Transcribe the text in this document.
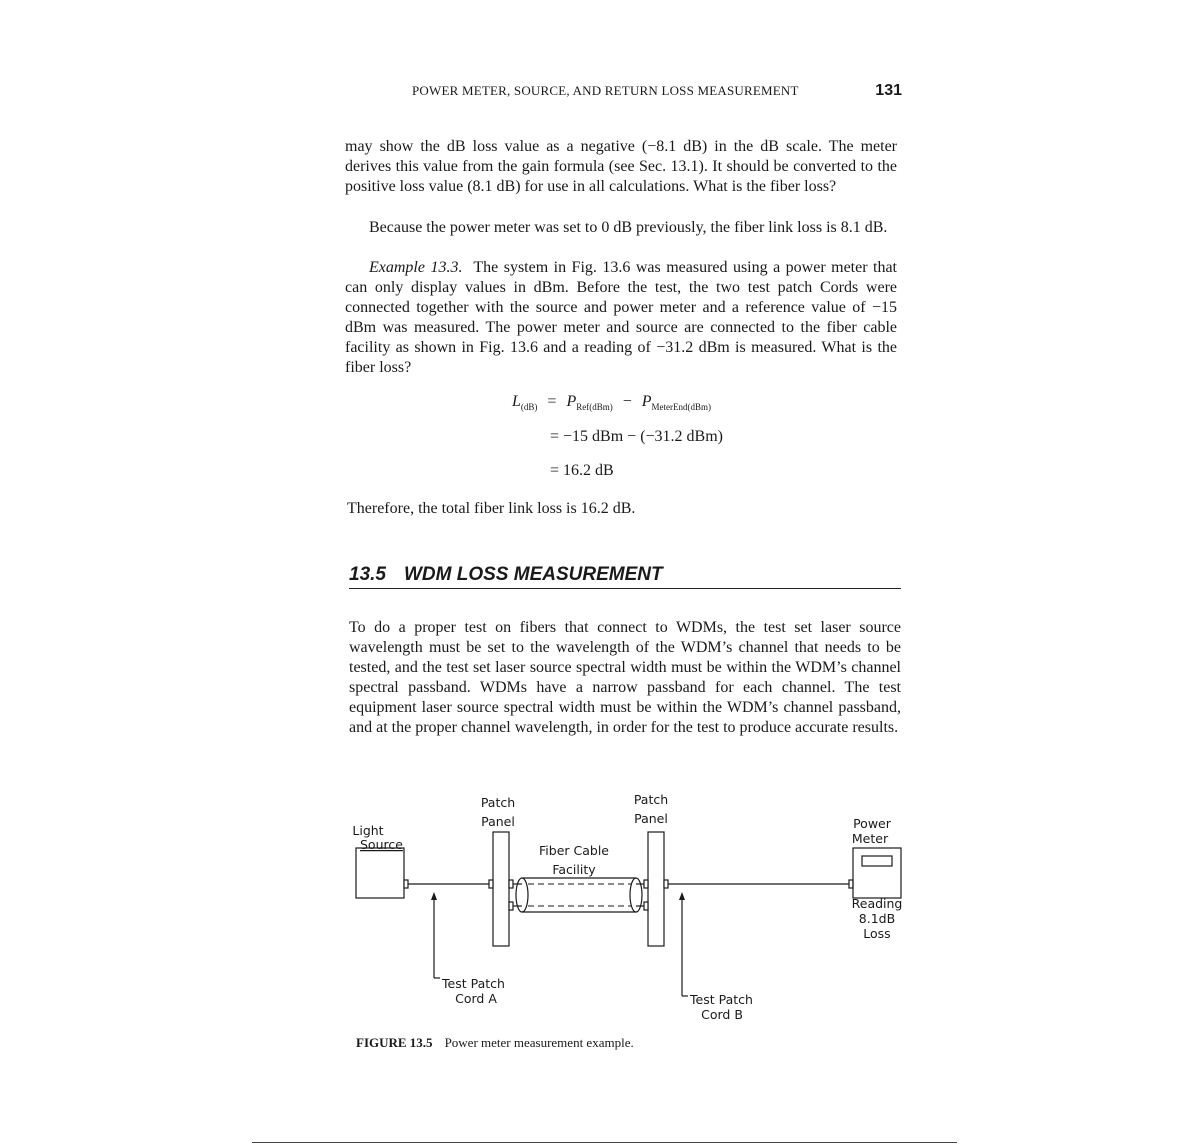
POWER METER, SOURCE, AND RETURN LOSS MEASUREMENT	131

may show the dB loss value as a negative (−8.1 dB) in the dB scale. The meter derives this value from the gain formula (see Sec. 13.1). It should be converted to the positive loss value (8.1 dB) for use in all calculations. What is the fiber loss?

Because the power meter was set to 0 dB previously, the fiber link loss is 8.1 dB.

Example 13.3. The system in Fig. 13.6 was measured using a power meter that can only display values in dBm. Before the test, the two test patch Cords were connected together with the source and power meter and a reference value of −15 dBm was measured. The power meter and source are connected to the fiber cable facility as shown in Fig. 13.6 and a reading of −31.2 dBm is measured. What is the fiber loss?

$L_{(dB)} = P_{Ref(dBm)} - P_{MeterEnd(dBm)}$
= −15 dBm − (−31.2 dBm)
= 16.2 dB

Therefore, the total fiber link loss is 16.2 dB.

13.5 WDM LOSS MEASUREMENT

To do a proper test on fibers that connect to WDMs, the test set laser source wavelength must be set to the wavelength of the WDM’s channel that needs to be tested, and the test set laser source spectral width must be within the WDM’s channel spectral passband. WDMs have a narrow passband for each channel. The test equipment laser source spectral width must be within the WDM’s channel passband, and at the proper channel wavelength, in order for the test to produce accurate results.

Light
Source
Patch
Panel
Patch
Panel
Fiber Cable
Facility
Power
Meter
Reading
8.1dB
Loss
Test Patch
Cord A	Test Patch
Cord B
FIGURE 13.5 Power meter measurement example.
